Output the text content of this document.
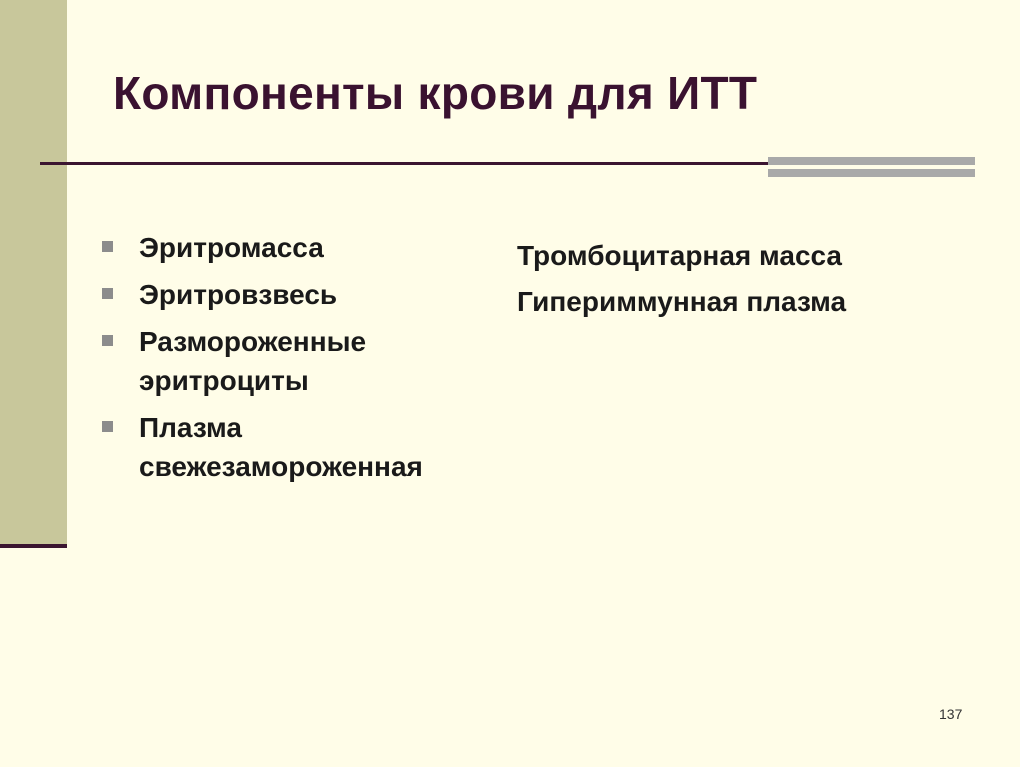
Компоненты крови для ИТТ
Эритромасса
Эритровзвесь
Размороженные эритроциты
Плазма свежезамороженная
Тромбоцитарная масса
Гипериммунная плазма
137
